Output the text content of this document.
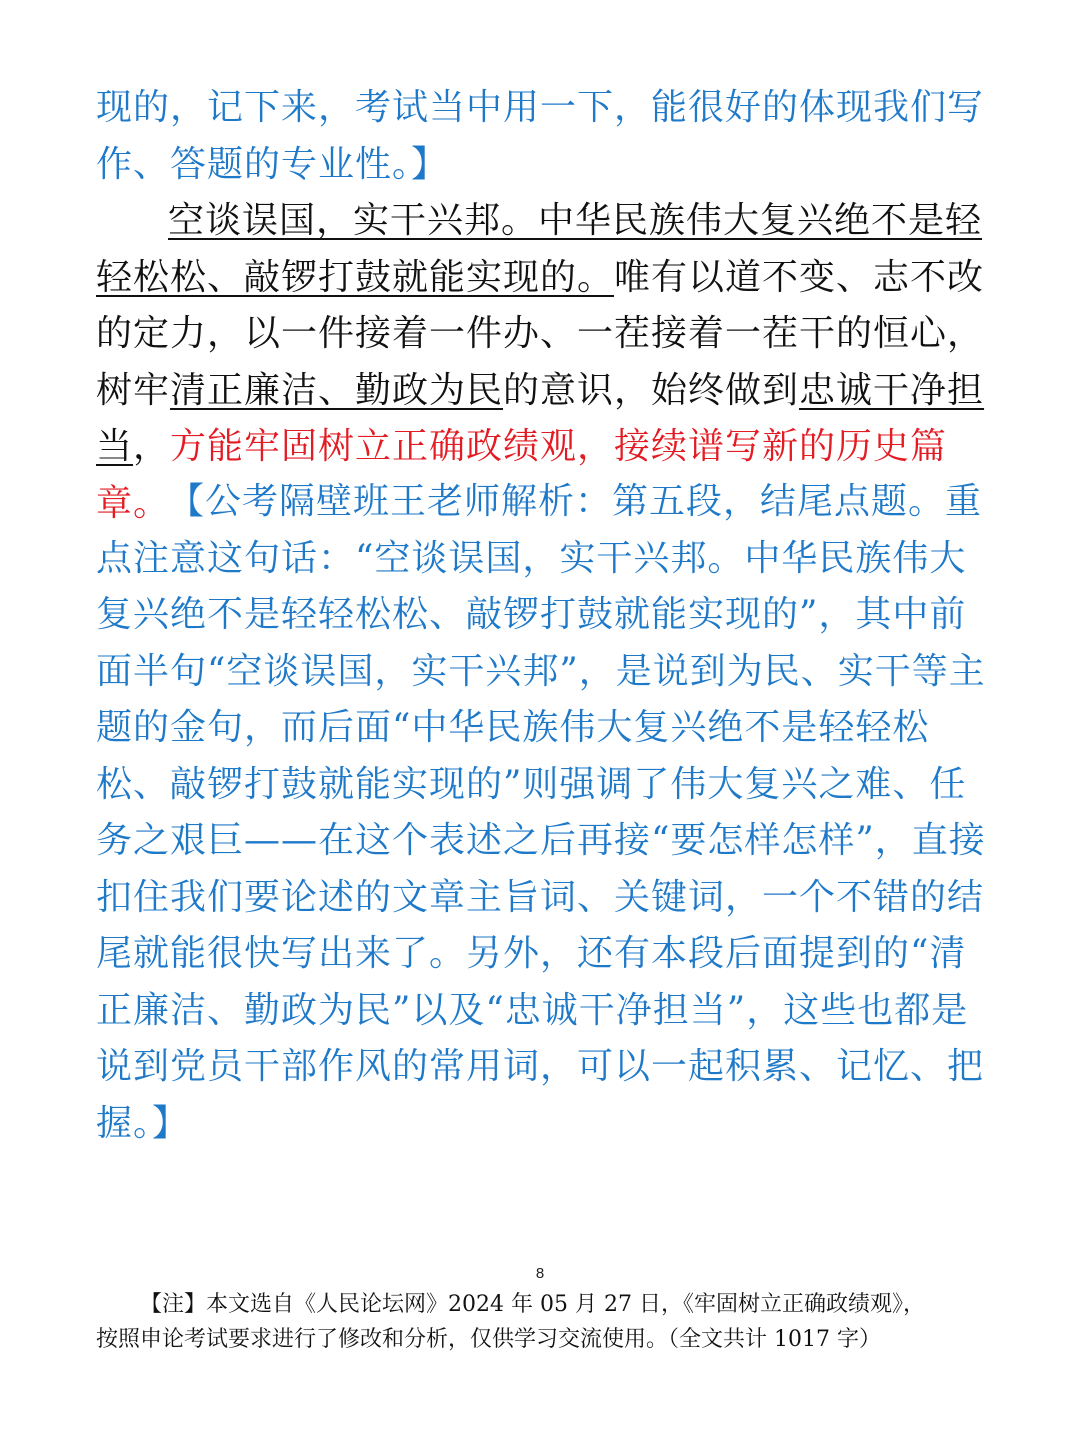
现的，记下来，考试当中用一下，能很好的体现我们写作、答题的专业性。】

空谈误国，实干兴邦。中华民族伟大复兴绝不是轻轻松松、敲锣打鼓就能实现的。唯有以道不变、志不改的定力，以一件接着一件办、一茬接着一茬干的恒心，树牢清正廉洁、勤政为民的意识，始终做到忠诚干净担当，方能牢固树立正确政绩观，接续谱写新的历史篇章。

【公考隔壁班王老师解析：第五段，结尾点题。重点注意这句话：“空谈误国，实干兴邦。中华民族伟大复兴绝不是轻轻松松、敲锣打鼓就能实现的”，其中前面半句“空谈误国，实干兴邦”，是说到为民、实干等主题的金句，而后面“中华民族伟大复兴绝不是轻轻松松、敲锣打鼓就能实现的”则强调了伟大复兴之难、任务之艰巨——在这个表述之后再接“要怎样怎样”，直接扣住我们要论述的文章主旨词、关键词，一个不错的结尾就能很快写出来了。另外，还有本段后面提到的“清正廉洁、勤政为民”以及“忠诚干净担当”，这些也都是说到党员干部作风的常用词，可以一起积累、记忆、把握。】

8

【注】本文选自《人民论坛网》2024 年 05 月 27 日，《牢固树立正确政绩观》，

按照申论考试要求进行了修改和分析，仅供学习交流使用。（全文共计 1017 字）
